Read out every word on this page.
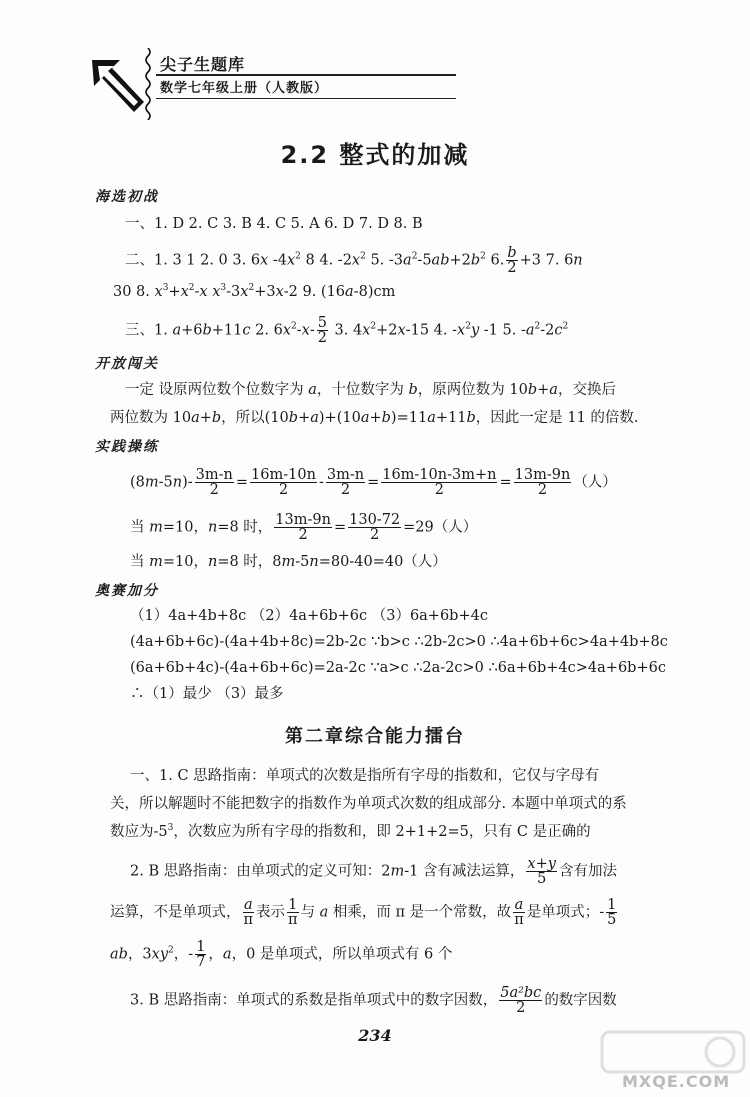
尖子生题库
数学七年级上册（人教版）
2.2 整式的加减
海选初战
一、1. D 2. C 3. B 4. C 5. A 6. D 7. D 8. B
二、1. 3 1 2. 0 3. 6x $-4x^2$ 8 4. $-2x^2$ 5. $-3a^2-5ab+2b^2$ 6. $\frac{b}{2} +3$ 7. 6n
30 8. $x^3+x^2-x$ $x^3-3x^2+3x-2$ 9. (16a-8)cm
三、1. a+6b+11c 2. $6x^2-x- \frac{5}{2} 3$. $4x^2+2x-15$ 4. $-x^2y$ -1 5. $-a^2-2c^2$
开放闯关
一定 设原两位数个位数字为 a，十位数字为 b，原两位数为 10b+a，交换后
两位数为 10a+b，所以(10b+a)+(10a+b)=11a+11b，因此一定是 11 的倍数.
实践操练
$(8m-5n)- \frac{3m-n}{2} = \frac{16m-10n}{2} - \frac{3m-n}{2} = \frac{16m-10n-3m+n}{2} = \frac{13m-9n}{2}$ （人）
当 m=10，n=8 时， $\frac{13m-9n}{2} = \frac{130-72}{2} =29$（人）
当 m=10，n=8 时，8m-5n=80-40=40（人）
奥赛加分
（1）4a+4b+8c （2）4a+6b+6c （3）6a+6b+4c
(4a+6b+6c)-(4a+4b+8c)=2b-2c ∵b>c ∴2b-2c>0 ∴4a+6b+6c>4a+4b+8c
(6a+6b+4c)-(4a+6b+6c)=2a-2c ∵a>c ∴2a-2c>0 ∴6a+6b+4c>4a+6b+6c
∴（1）最少 （3）最多
第二章综合能力擂台
一、1. C 思路指南：单项式的次数是指所有字母的指数和，它仅与字母有
关，所以解题时不能把数字的指数作为单项式次数的组成部分. 本题中单项式的系
数应为$-5^3$，次数应为所有字母的指数和，即 2+1+2=5，只有 C 是正确的
2. B 思路指南：由单项式的定义可知：2m-1 含有减法运算， $\frac{x+y}{5}$ 含有加法
运算，不是单项式， $\frac{a}{\pi}$ 表示 $\frac{1}{\pi}$ 与 a 相乘，而 π 是一个常数，故 $\frac{a}{\pi}$ 是单项式；- $\frac{1}{5}$
ab，$3xy^2$，- $\frac{1}{7}$ ，a，0 是单项式，所以单项式有 6 个
3. B 思路指南：单项式的系数是指单项式中的数字因数， $\frac{\text{5a²bc}}{2}$ 的数字因数
234
MXQE.COM
